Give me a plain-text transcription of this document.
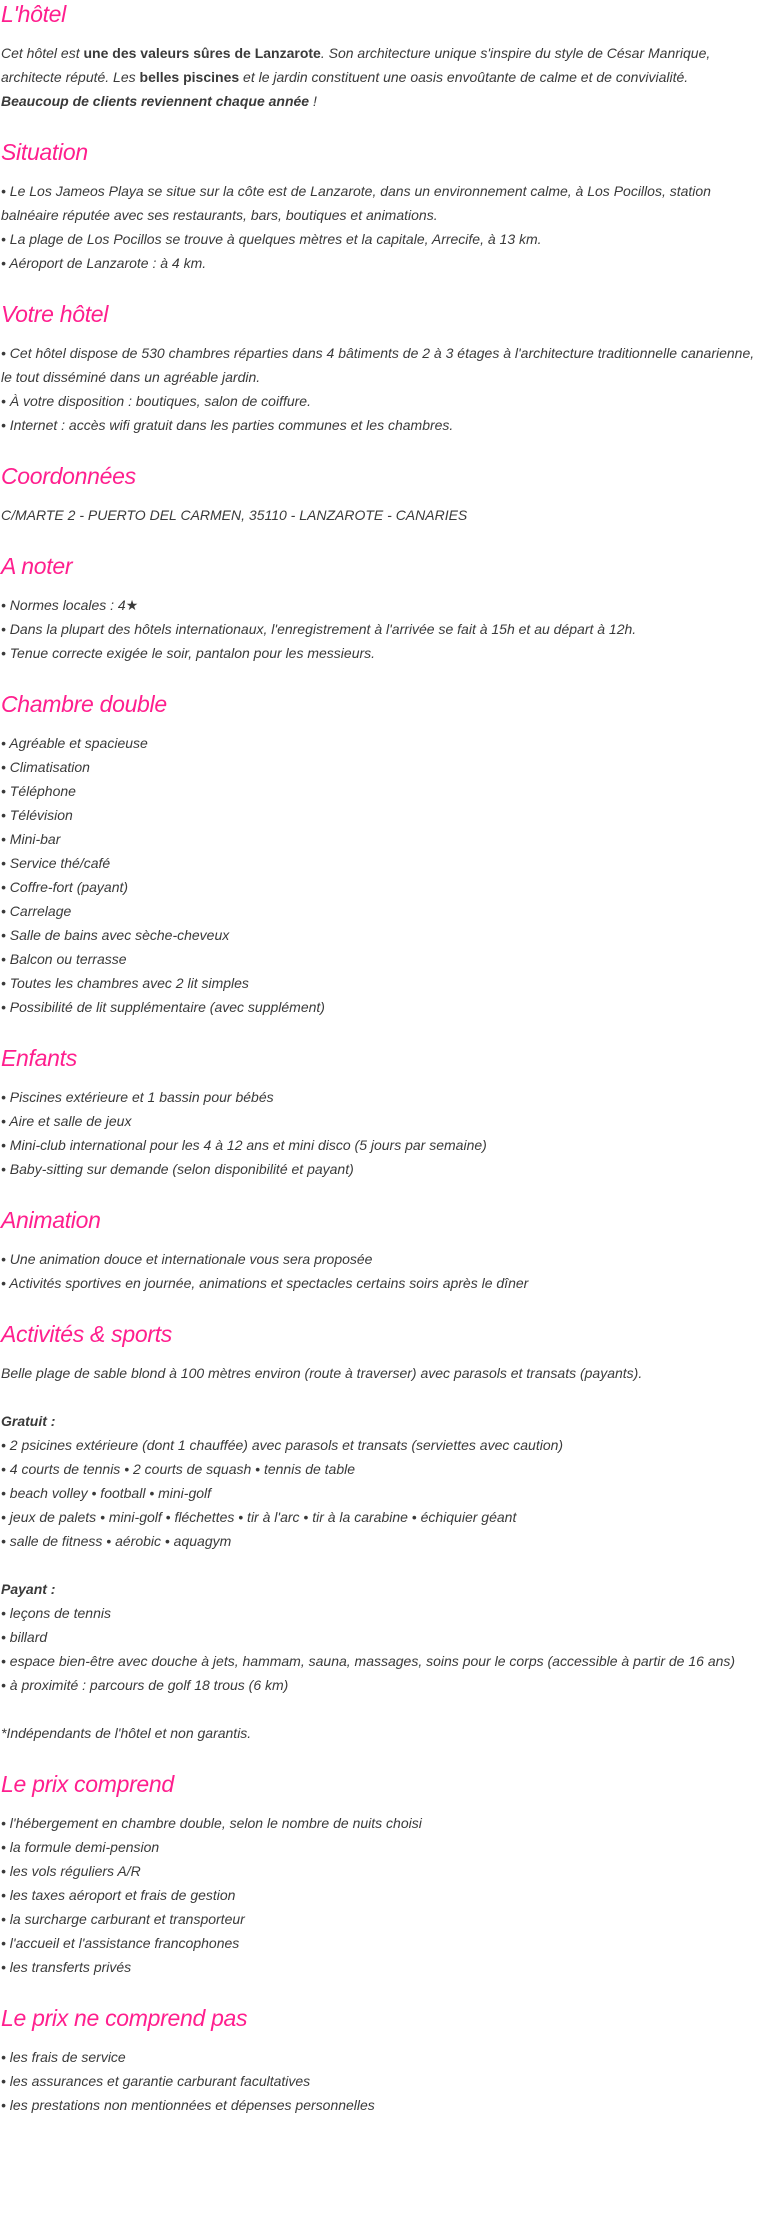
L'hôtel

Cet hôtel est une des valeurs sûres de Lanzarote. Son architecture unique s'inspire du style de César Manrique, architecte réputé. Les belles piscines et le jardin constituent une oasis envoûtante de calme et de convivialité. Beaucoup de clients reviennent chaque année !

Situation
• Le Los Jameos Playa se situe sur la côte est de Lanzarote, dans un environnement calme, à Los Pocillos, station balnéaire réputée avec ses restaurants, bars, boutiques et animations.
• La plage de Los Pocillos se trouve à quelques mètres et la capitale, Arrecife, à 13 km.
• Aéroport de Lanzarote : à 4 km.
Votre hôtel
• Cet hôtel dispose de 530 chambres réparties dans 4 bâtiments de 2 à 3 étages à l'architecture traditionnelle canarienne, le tout disséminé dans un agréable jardin.
• À votre disposition : boutiques, salon de coiffure.
• Internet : accès wifi gratuit dans les parties communes et les chambres.
Coordonnées
C/MARTE 2 - PUERTO DEL CARMEN, 35110 - LANZAROTE - CANARIES
A noter
• Normes locales : 4★
• Dans la plupart des hôtels internationaux, l'enregistrement à l'arrivée se fait à 15h et au départ à 12h.
• Tenue correcte exigée le soir, pantalon pour les messieurs.
Chambre double
• Agréable et spacieuse
• Climatisation
• Téléphone
• Télévision
• Mini-bar
• Service thé/café
• Coffre-fort (payant)
• Carrelage
• Salle de bains avec sèche-cheveux
• Balcon ou terrasse
• Toutes les chambres avec 2 lit simples
• Possibilité de lit supplémentaire (avec supplément)
Enfants
• Piscines extérieure et 1 bassin pour bébés
• Aire et salle de jeux
• Mini-club international pour les 4 à 12 ans et mini disco (5 jours par semaine)
• Baby-sitting sur demande (selon disponibilité et payant)
Animation
• Une animation douce et internationale vous sera proposée
• Activités sportives en journée, animations et spectacles certains soirs après le dîner
Activités & sports
Belle plage de sable blond à 100 mètres environ (route à traverser) avec parasols et transats (payants).
Gratuit :
• 2 psicines extérieure (dont 1 chauffée) avec parasols et transats (serviettes avec caution)
• 4 courts de tennis • 2 courts de squash • tennis de table
• beach volley • football • mini-golf
• jeux de palets • mini-golf • fléchettes • tir à l'arc • tir à la carabine • échiquier géant
• salle de fitness • aérobic • aquagym
Payant :
• leçons de tennis
• billard
• espace bien-être avec douche à jets, hammam, sauna, massages, soins pour le corps (accessible à partir de 16 ans)
• à proximité : parcours de golf 18 trous (6 km)
*Indépendants de l'hôtel et non garantis.
Le prix comprend
• l'hébergement en chambre double, selon le nombre de nuits choisi
• la formule demi-pension
• les vols réguliers A/R
• les taxes aéroport et frais de gestion
• la surcharge carburant et transporteur
• l'accueil et l'assistance francophones
• les transferts privés
Le prix ne comprend pas
• les frais de service
• les assurances et garantie carburant facultatives
• les prestations non mentionnées et dépenses personnelles
